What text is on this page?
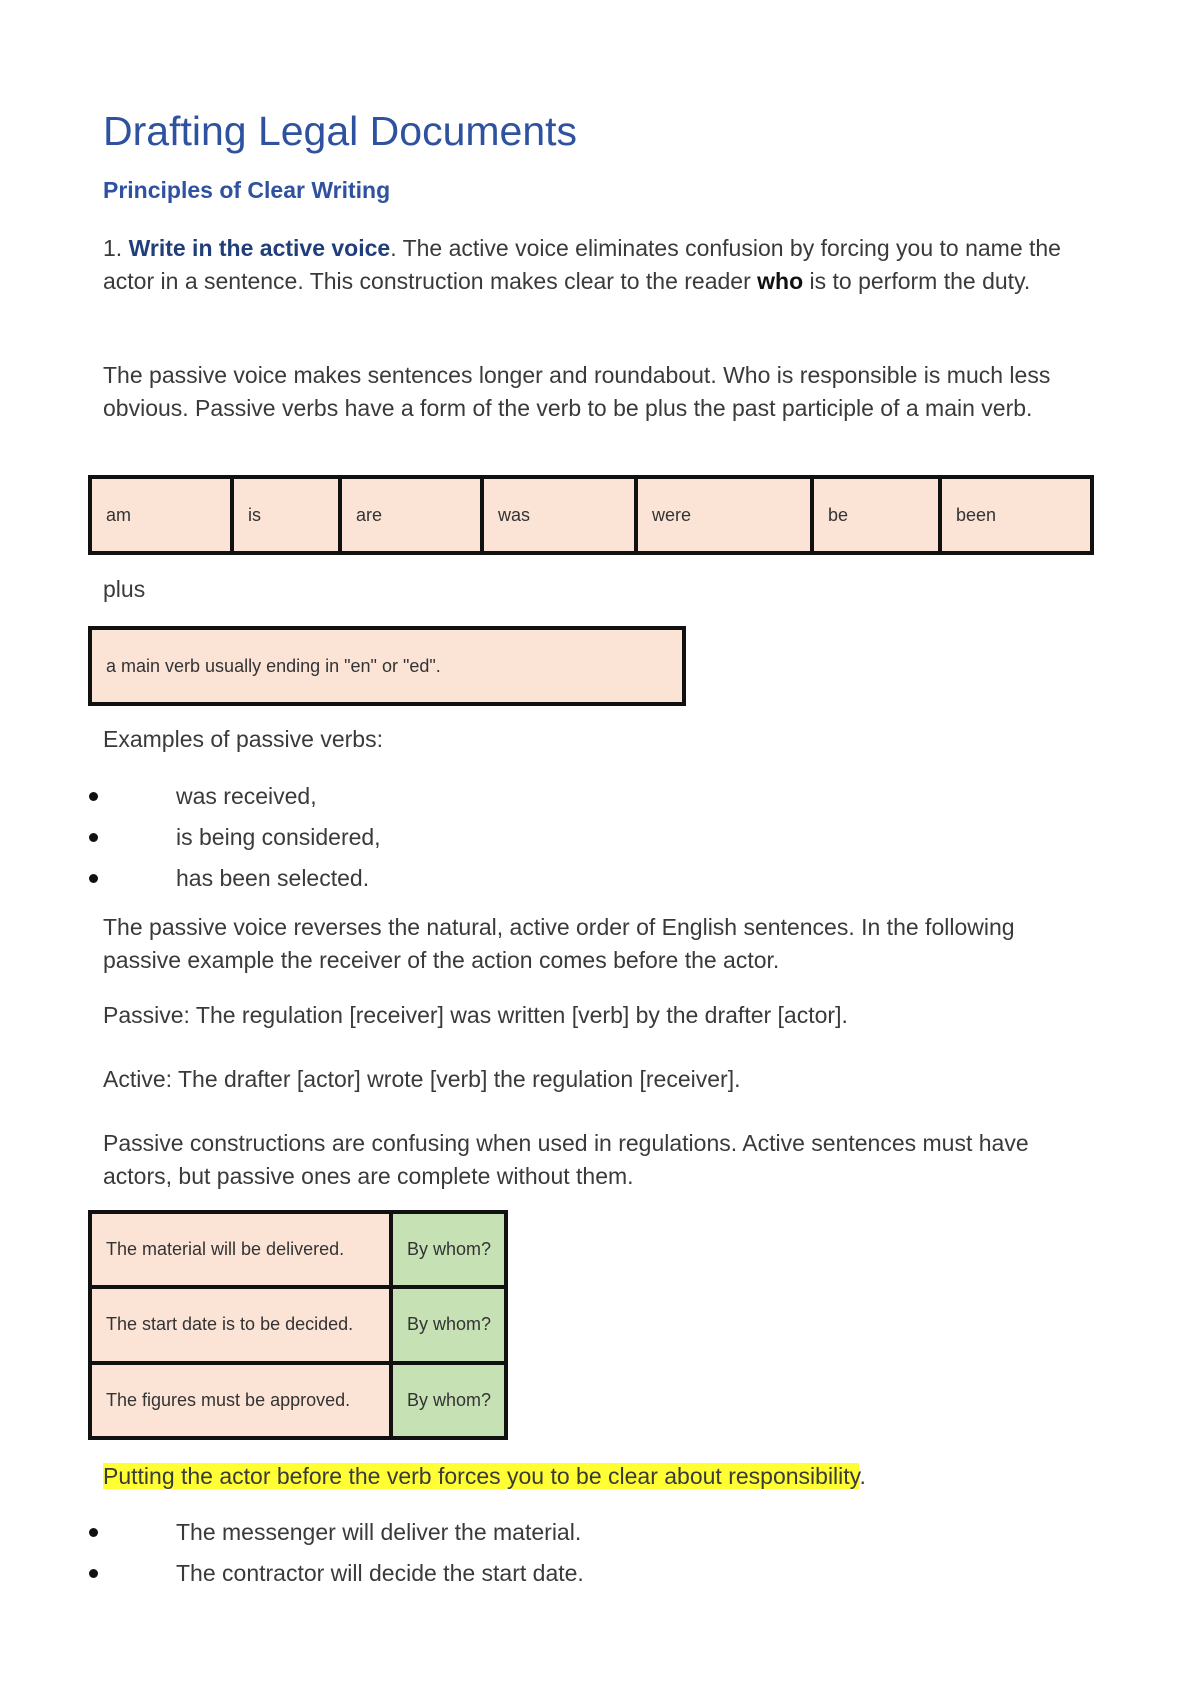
Drafting Legal Documents
Principles of Clear Writing

1. Write in the active voice. The active voice eliminates confusion by forcing you to name the actor in a sentence. This construction makes clear to the reader who is to perform the duty.

The passive voice makes sentences longer and roundabout. Who is responsible is much less obvious. Passive verbs have a form of the verb to be plus the past participle of a main verb.

am	is	are	was	were	be	been

plus

a main verb usually ending in "en" or "ed".

Examples of passive verbs:

was received,
is being considered,
has been selected.

The passive voice reverses the natural, active order of English sentences. In the following passive example the receiver of the action comes before the actor.

Passive: The regulation [receiver] was written [verb] by the drafter [actor].

Active: The drafter [actor] wrote [verb] the regulation [receiver].

Passive constructions are confusing when used in regulations. Active sentences must have actors, but passive ones are complete without them.

The material will be delivered.	By whom?
The start date is to be decided.	By whom?
The figures must be approved.	By whom?

Putting the actor before the verb forces you to be clear about responsibility.

The messenger will deliver the material.
The contractor will decide the start date.
